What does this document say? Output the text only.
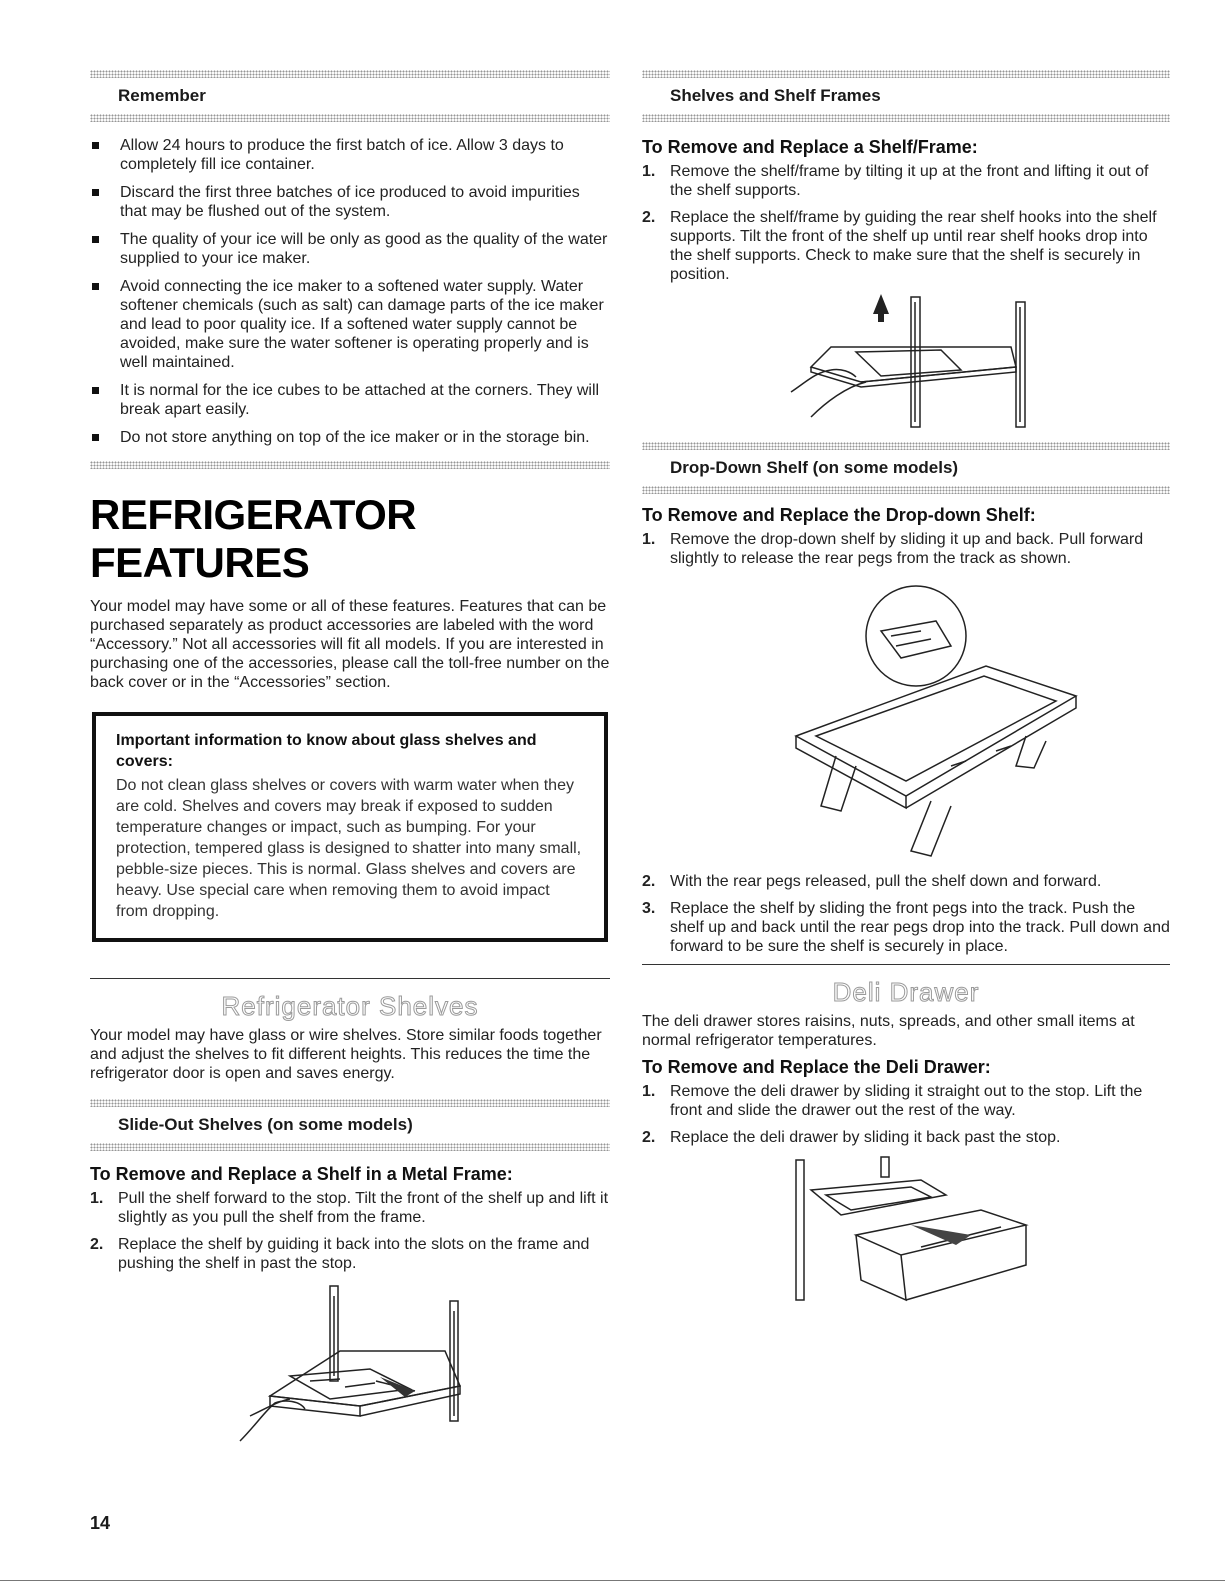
Remember
Allow 24 hours to produce the first batch of ice. Allow 3 days to completely fill ice container.
Discard the first three batches of ice produced to avoid impurities that may be flushed out of the system.
The quality of your ice will be only as good as the quality of the water supplied to your ice maker.
Avoid connecting the ice maker to a softened water supply. Water softener chemicals (such as salt) can damage parts of the ice maker and lead to poor quality ice. If a softened water supply cannot be avoided, make sure the water softener is operating properly and is well maintained.
It is normal for the ice cubes to be attached at the corners. They will break apart easily.
Do not store anything on top of the ice maker or in the storage bin.
REFRIGERATOR FEATURES

Your model may have some or all of these features. Features that can be purchased separately as product accessories are labeled with the word “Accessory.” Not all accessories will fit all models. If you are interested in purchasing one of the accessories, please call the toll-free number on the back cover or in the “Accessories” section.

Important information to know about glass shelves and covers:
Do not clean glass shelves or covers with warm water when they are cold. Shelves and covers may break if exposed to sudden temperature changes or impact, such as bumping. For your protection, tempered glass is designed to shatter into many small, pebble-size pieces. This is normal. Glass shelves and covers are heavy. Use special care when removing them to avoid impact from dropping.
Refrigerator Shelves

Your model may have glass or wire shelves. Store similar foods together and adjust the shelves to fit different heights. This reduces the time the refrigerator door is open and saves energy.

Slide-Out Shelves (on some models)
To Remove and Replace a Shelf in a Metal Frame:
1. Pull the shelf forward to the stop. Tilt the front of the shelf up and lift it slightly as you pull the shelf from the frame.
2. Replace the shelf by guiding it back into the slots on the frame and pushing the shelf in past the stop.
Shelves and Shelf Frames
To Remove and Replace a Shelf/Frame:
1. Remove the shelf/frame by tilting it up at the front and lifting it out of the shelf supports.
2. Replace the shelf/frame by guiding the rear shelf hooks into the shelf supports. Tilt the front of the shelf up until rear shelf hooks drop into the shelf supports. Check to make sure that the shelf is securely in position.
Drop-Down Shelf (on some models)
To Remove and Replace the Drop-down Shelf:
1. Remove the drop-down shelf by sliding it up and back. Pull forward slightly to release the rear pegs from the track as shown.
2. With the rear pegs released, pull the shelf down and forward.
3. Replace the shelf by sliding the front pegs into the track. Push the shelf up and back until the rear pegs drop into the track. Pull down and forward to be sure the shelf is securely in place.
Deli Drawer

The deli drawer stores raisins, nuts, spreads, and other small items at normal refrigerator temperatures.

To Remove and Replace the Deli Drawer:
1. Remove the deli drawer by sliding it straight out to the stop. Lift the front and slide the drawer out the rest of the way.
2. Replace the deli drawer by sliding it back past the stop.
14
